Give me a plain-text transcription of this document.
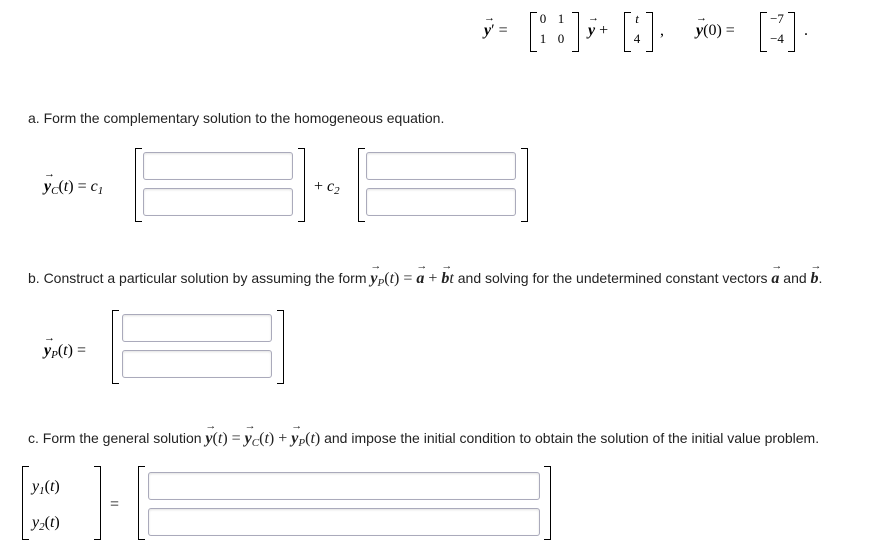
→ y′ =
0 1
1 0 → y +
t
4 , → y(0) =
−7
−4 .
a. Form the complementary solution to the homogeneous equation.
→ $y_C(t) = c_1$	+ $c_2$
b. Construct a particular solution by assuming the form → $y_P(t)$ = → a + → bt and solving for the undetermined constant vectors → a and → b.
→ $y_P(t)$ =
c. Form the general solution → y(t) = → $y_C(t)$ + → $y_P(t)$ and impose the initial condition to obtain the solution of the initial value problem.
$y_1(t)$
$y_2(t)$
=
